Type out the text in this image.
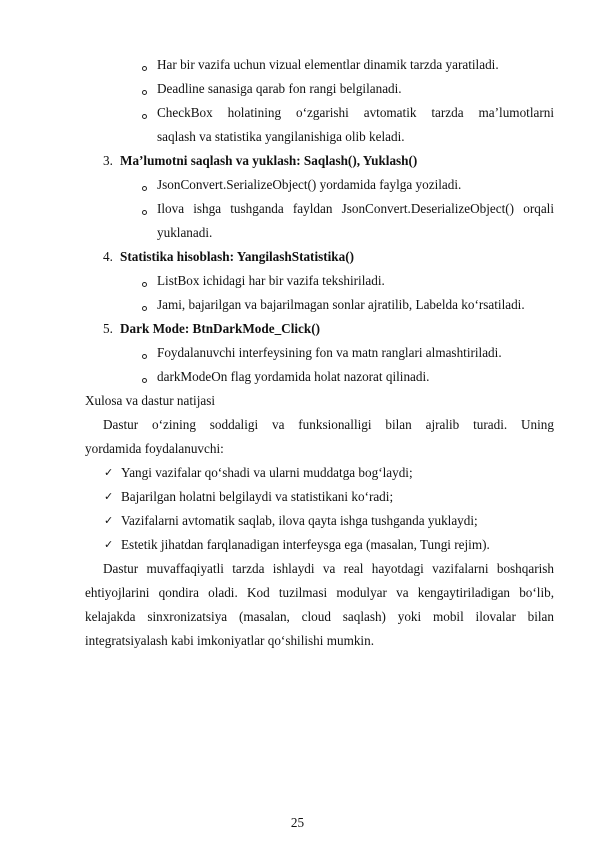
Har bir vazifa uchun vizual elementlar dinamik tarzda yaratiladi.
Deadline sanasiga qarab fon rangi belgilanadi.
CheckBox holatining o‘zgarishi avtomatik tarzda ma’lumotlarni
saqlash va statistika yangilanishiga olib keladi.
3. Ma’lumotni saqlash va yuklash: Saqlash(), Yuklash()
JsonConvert.SerializeObject() yordamida faylga yoziladi.
Ilova ishga tushganda fayldan JsonConvert.DeserializeObject() orqali
yuklanadi.
4. Statistika hisoblash: YangilashStatistika()
ListBox ichidagi har bir vazifa tekshiriladi.
Jami, bajarilgan va bajarilmagan sonlar ajratilib, Labelda ko‘rsatiladi.
5. Dark Mode: BtnDarkMode_Click()
Foydalanuvchi interfeysining fon va matn ranglari almashtiriladi.
darkModeOn flag yordamida holat nazorat qilinadi.
Xulosa va dastur natijasi
Dastur o‘zining soddaligi va funksionalligi bilan ajralib turadi. Uning
yordamida foydalanuvchi:
✓ Yangi vazifalar qo‘shadi va ularni muddatga bog‘laydi;
✓ Bajarilgan holatni belgilaydi va statistikani ko‘radi;
✓ Vazifalarni avtomatik saqlab, ilova qayta ishga tushganda yuklaydi;
✓ Estetik jihatdan farqlanadigan interfeysga ega (masalan, Tungi rejim).
Dastur muvaffaqiyatli tarzda ishlaydi va real hayotdagi vazifalarni boshqarish
ehtiyojlarini qondira oladi. Kod tuzilmasi modulyar va kengaytiriladigan bo‘lib,
kelajakda sinxronizatsiya (masalan, cloud saqlash) yoki mobil ilovalar bilan
integratsiyalash kabi imkoniyatlar qo‘shilishi mumkin.
25
